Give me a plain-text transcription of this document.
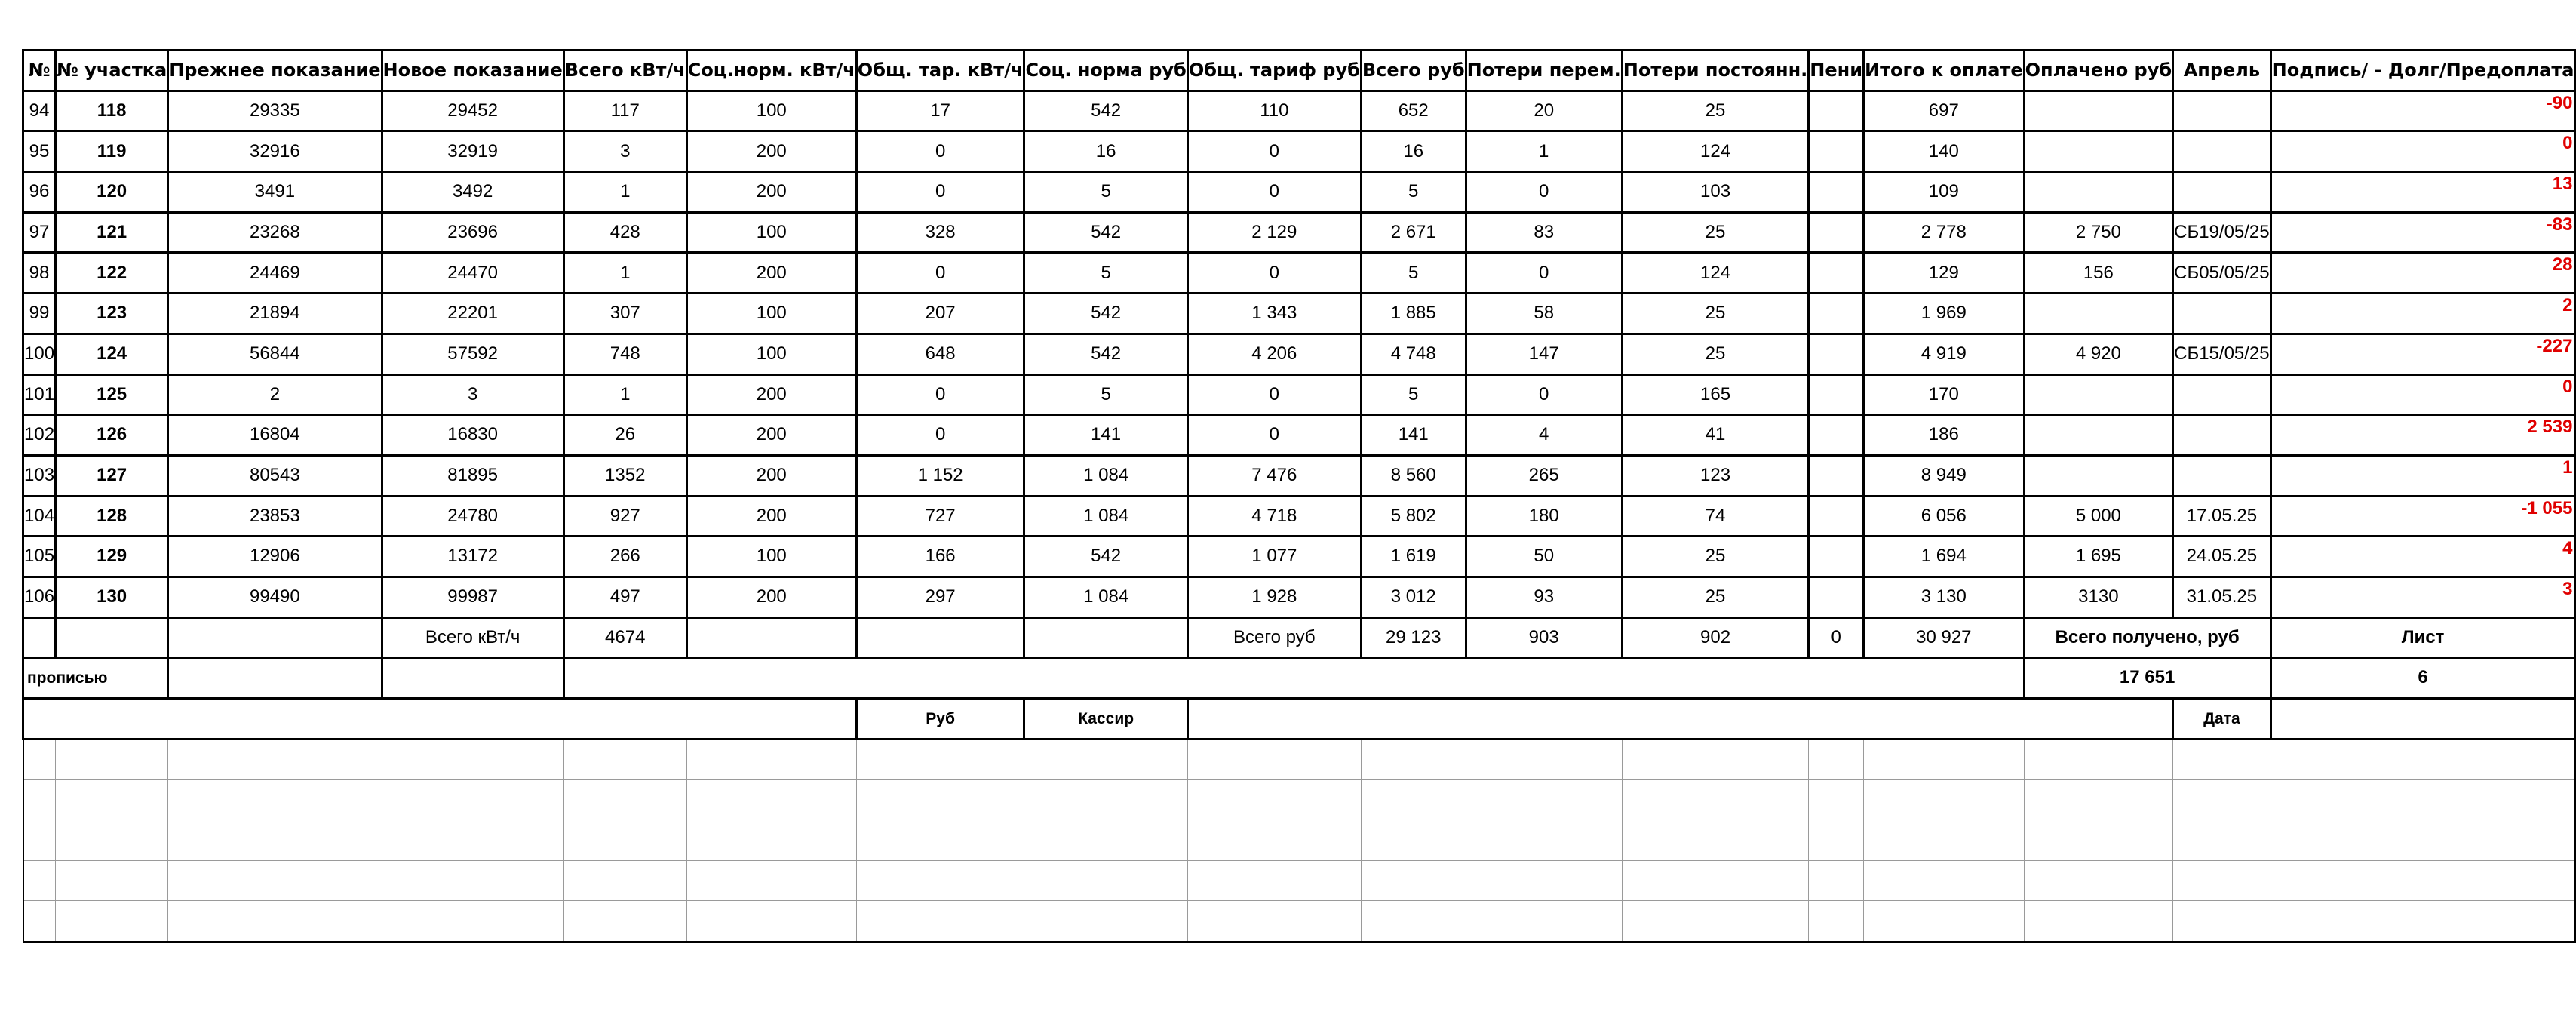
№	№ участка	Прежнее показание	Новое показание	Всего кВт/ч	Соц.норм. кВт/ч	Общ. тар. кВт/ч	Соц. норма руб	Общ. тариф руб	Всего руб	Потери перем.	Потери постоянн.	Пени	Итого к оплате	Оплачено руб	Апрель	Подпись/ - Долг/Предоплата
94	118	29335	29452	117	100	17	542	110	652	20	25		697			-90
95	119	32916	32919	3	200	0	16	0	16	1	124		140			0
96	120	3491	3492	1	200	0	5	0	5	0	103		109			13
97	121	23268	23696	428	100	328	542	2 129	2 671	83	25		2 778	2 750	СБ19/05/25	-83
98	122	24469	24470	1	200	0	5	0	5	0	124		129	156	СБ05/05/25	28
99	123	21894	22201	307	100	207	542	1 343	1 885	58	25		1 969			2
100	124	56844	57592	748	100	648	542	4 206	4 748	147	25		4 919	4 920	СБ15/05/25	-227
101	125	2	3	1	200	0	5	0	5	0	165		170			0
102	126	16804	16830	26	200	0	141	0	141	4	41		186			2 539
103	127	80543	81895	1352	200	1 152	1 084	7 476	8 560	265	123		8 949			1
104	128	23853	24780	927	200	727	1 084	4 718	5 802	180	74		6 056	5 000	17.05.25	-1 055
105	129	12906	13172	266	100	166	542	1 077	1 619	50	25		1 694	1 695	24.05.25	4
106	130	99490	99987	497	200	297	1 084	1 928	3 012	93	25		3 130	3130	31.05.25	3
			Всего кВт/ч	4674				Всего руб	29 123	903	902	0	30 927	Всего получено, руб		Лист
прописью														17 651		6
						Руб	Кассир								Дата	
